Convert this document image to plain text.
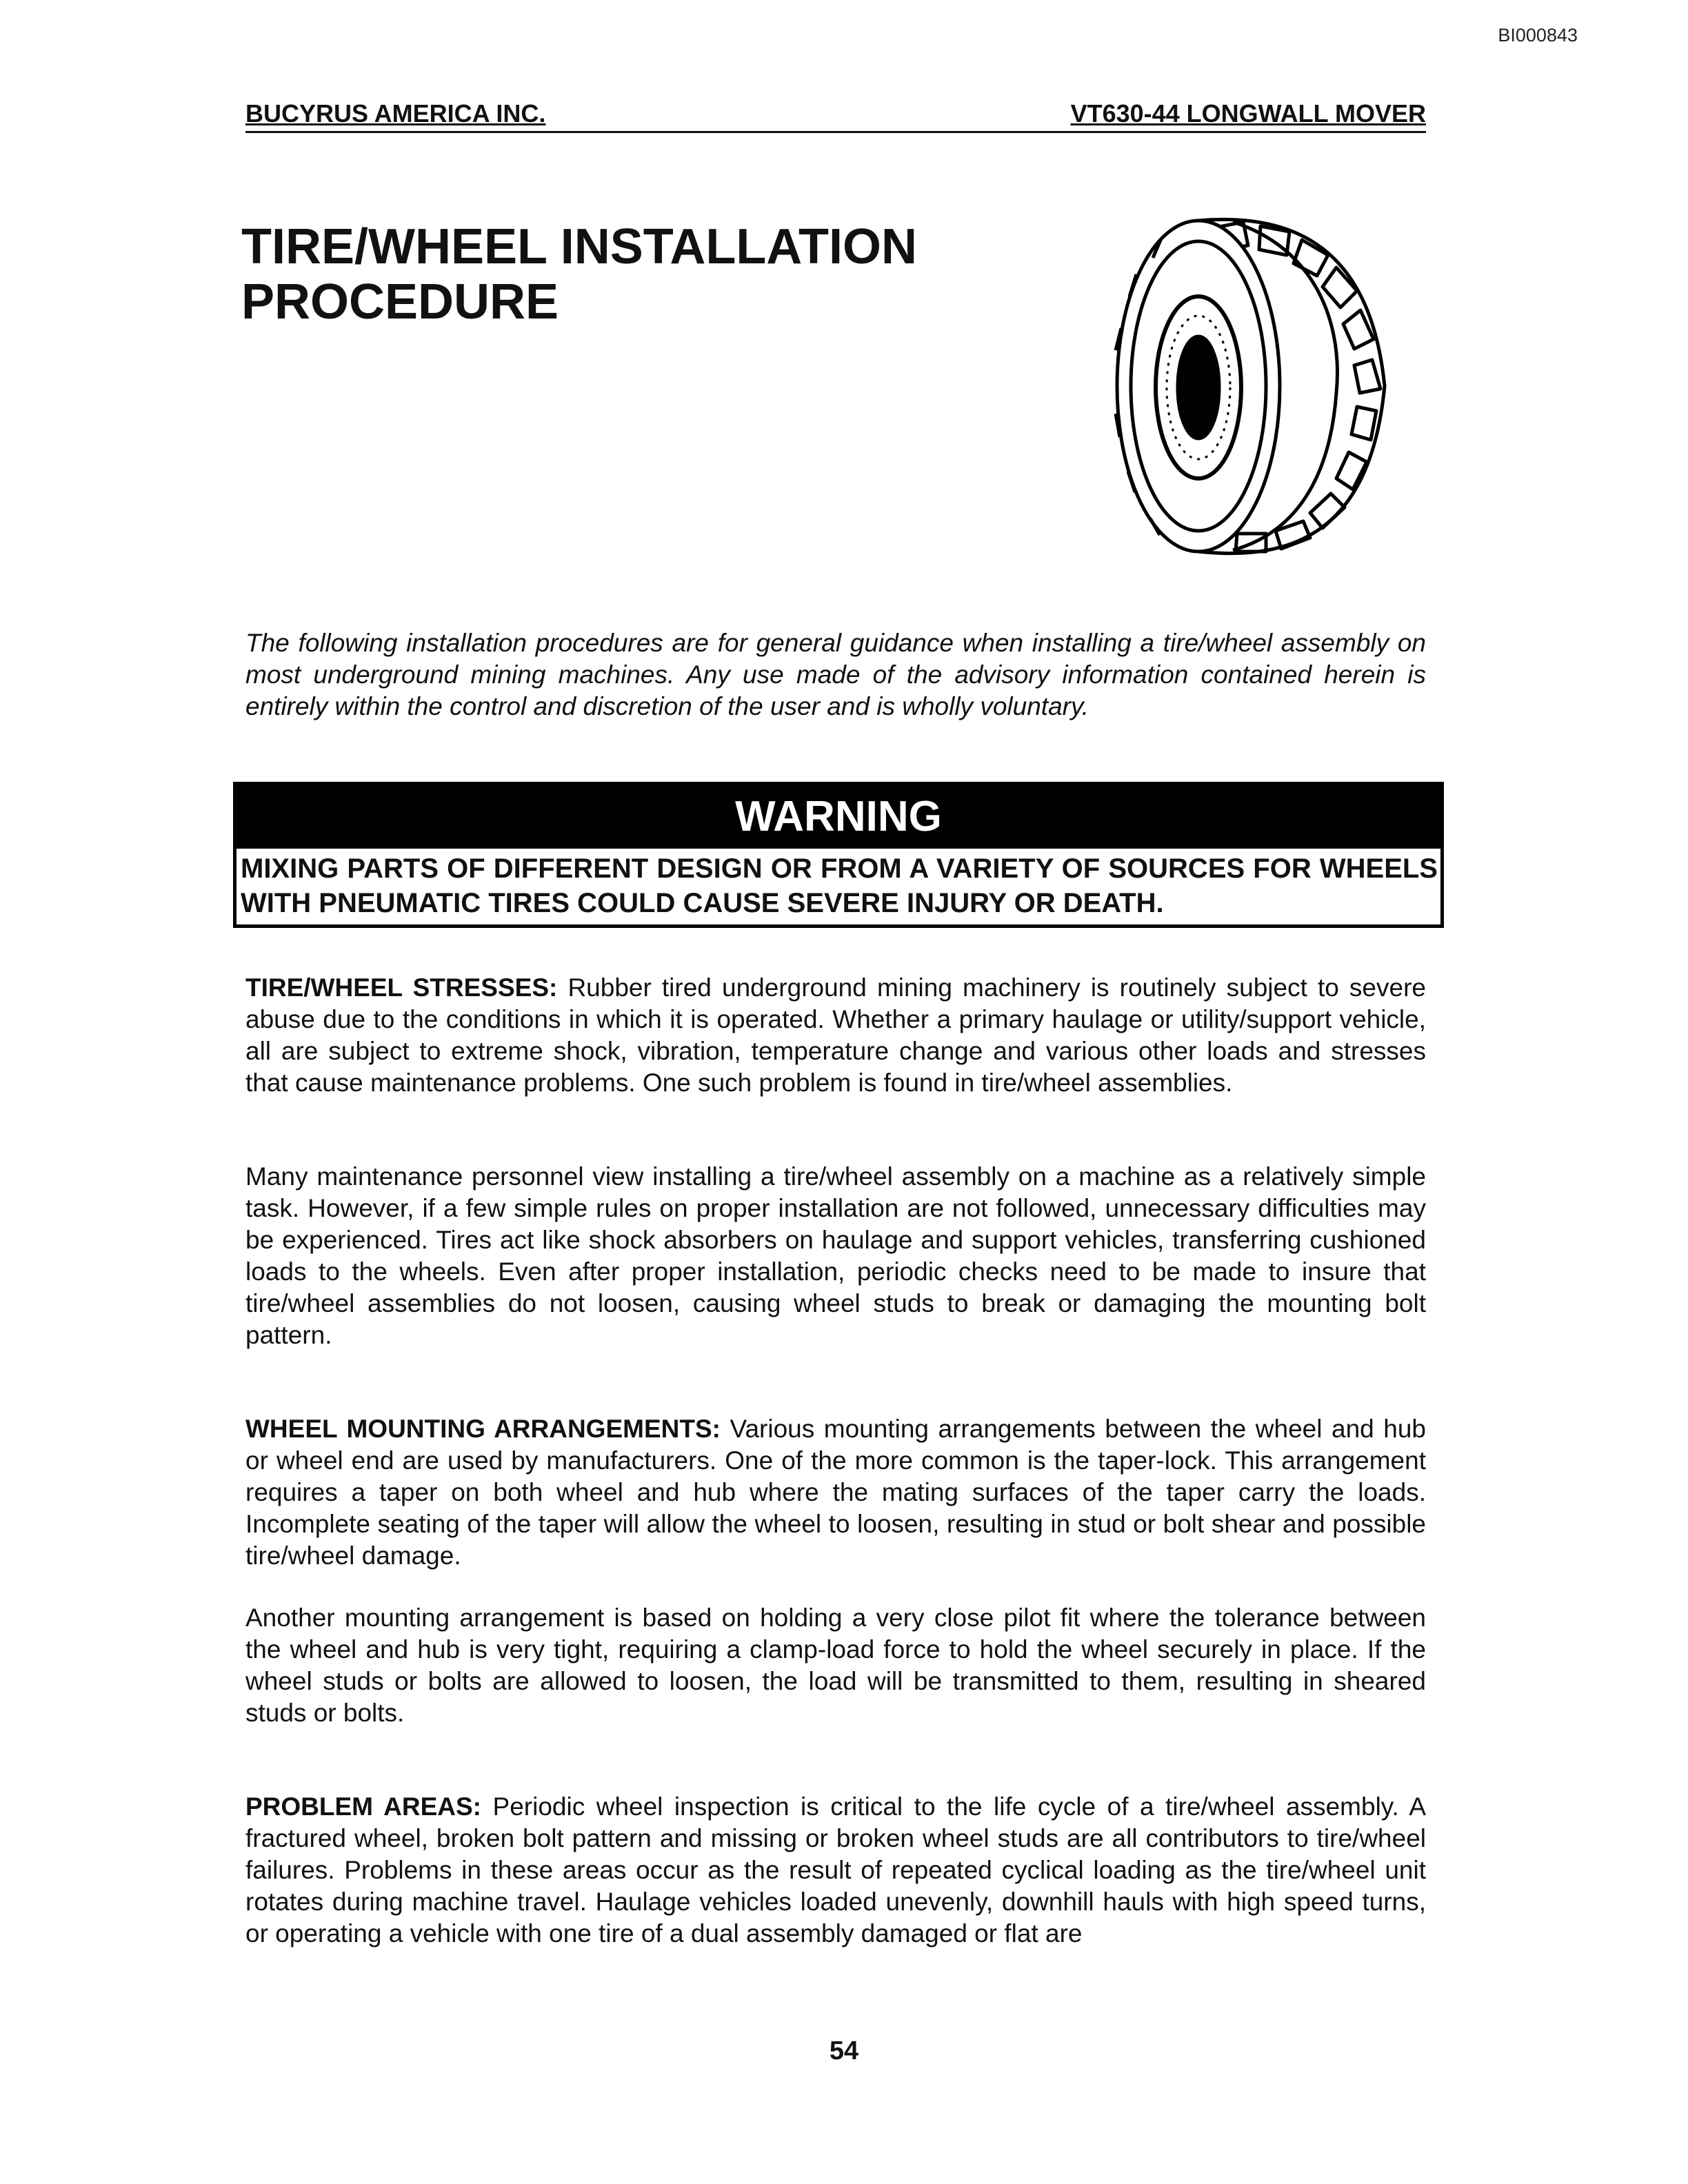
BI000843
BUCYRUS AMERICA INC.	VT630-44 LONGWALL MOVER
TIRE/WHEEL INSTALLATION
PROCEDURE
The following installation procedures are for general guidance when installing a tire/wheel assembly on most underground mining machines. Any use made of the advisory information contained herein is entirely within the control and discretion of the user and is wholly voluntary.
WARNING
MIXING PARTS OF DIFFERENT DESIGN OR FROM A VARIETY OF SOURCES FOR WHEELS WITH PNEUMATIC TIRES COULD CAUSE SEVERE INJURY OR DEATH.
TIRE/WHEEL STRESSES: Rubber tired underground mining machinery is routinely subject to severe abuse due to the conditions in which it is operated. Whether a primary haulage or utility/support vehicle, all are subject to extreme shock, vibration, temperature change and various other loads and stresses that cause maintenance problems. One such problem is found in tire/wheel assemblies.
Many maintenance personnel view installing a tire/wheel assembly on a machine as a relatively simple task. However, if a few simple rules on proper installation are not followed, unnecessary difficulties may be experienced. Tires act like shock absorbers on haulage and support vehicles, transferring cushioned loads to the wheels. Even after proper installation, periodic checks need to be made to insure that tire/wheel assemblies do not loosen, causing wheel studs to break or damaging the mounting bolt pattern.
WHEEL MOUNTING ARRANGEMENTS: Various mounting arrangements between the wheel and hub or wheel end are used by manufacturers. One of the more common is the taper-lock. This arrangement requires a taper on both wheel and hub where the mating surfaces of the taper carry the loads. Incomplete seating of the taper will allow the wheel to loosen, resulting in stud or bolt shear and possible tire/wheel damage.
Another mounting arrangement is based on holding a very close pilot fit where the tolerance between the wheel and hub is very tight, requiring a clamp-load force to hold the wheel securely in place. If the wheel studs or bolts are allowed to loosen, the load will be transmitted to them, resulting in sheared studs or bolts.
PROBLEM AREAS: Periodic wheel inspection is critical to the life cycle of a tire/wheel assembly. A fractured wheel, broken bolt pattern and missing or broken wheel studs are all contributors to tire/wheel failures. Problems in these areas occur as the result of repeated cyclical loading as the tire/wheel unit rotates during machine travel. Haulage vehicles loaded unevenly, downhill hauls with high speed turns, or operating a vehicle with one tire of a dual assembly damaged or flat are
54
